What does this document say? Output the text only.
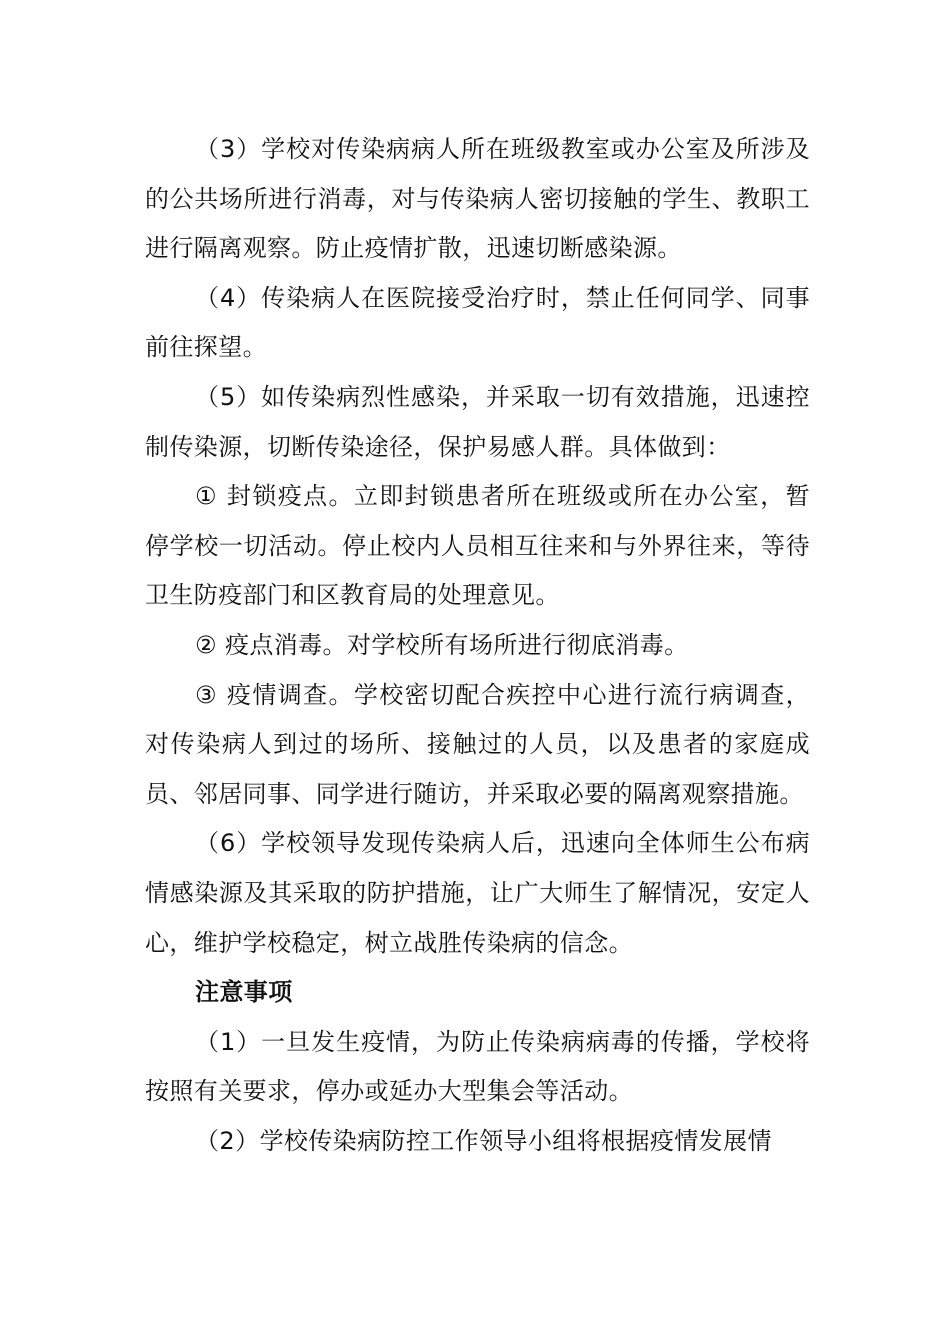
（3）学校对传染病病人所在班级教室或办公室及所涉及的公共场所进行消毒，对与传染病人密切接触的学生、教职工进行隔离观察。防止疫情扩散，迅速切断感染源。

（4）传染病人在医院接受治疗时，禁止任何同学、同事前往探望。

（5）如传染病烈性感染，并采取一切有效措施，迅速控制传染源，切断传染途径，保护易感人群。具体做到：

① 封锁疫点。立即封锁患者所在班级或所在办公室，暂停学校一切活动。停止校内人员相互往来和与外界往来，等待卫生防疫部门和区教育局的处理意见。

② 疫点消毒。对学校所有场所进行彻底消毒。

③ 疫情调查。学校密切配合疾控中心进行流行病调查，对传染病人到过的场所、接触过的人员，以及患者的家庭成员、邻居同事、同学进行随访，并采取必要的隔离观察措施。

（6）学校领导发现传染病人后，迅速向全体师生公布病情感染源及其采取的防护措施，让广大师生了解情况，安定人心，维护学校稳定，树立战胜传染病的信念。

注意事项

（1）一旦发生疫情，为防止传染病病毒的传播，学校将按照有关要求，停办或延办大型集会等活动。

（2）学校传染病防控工作领导小组将根据疫情发展情
